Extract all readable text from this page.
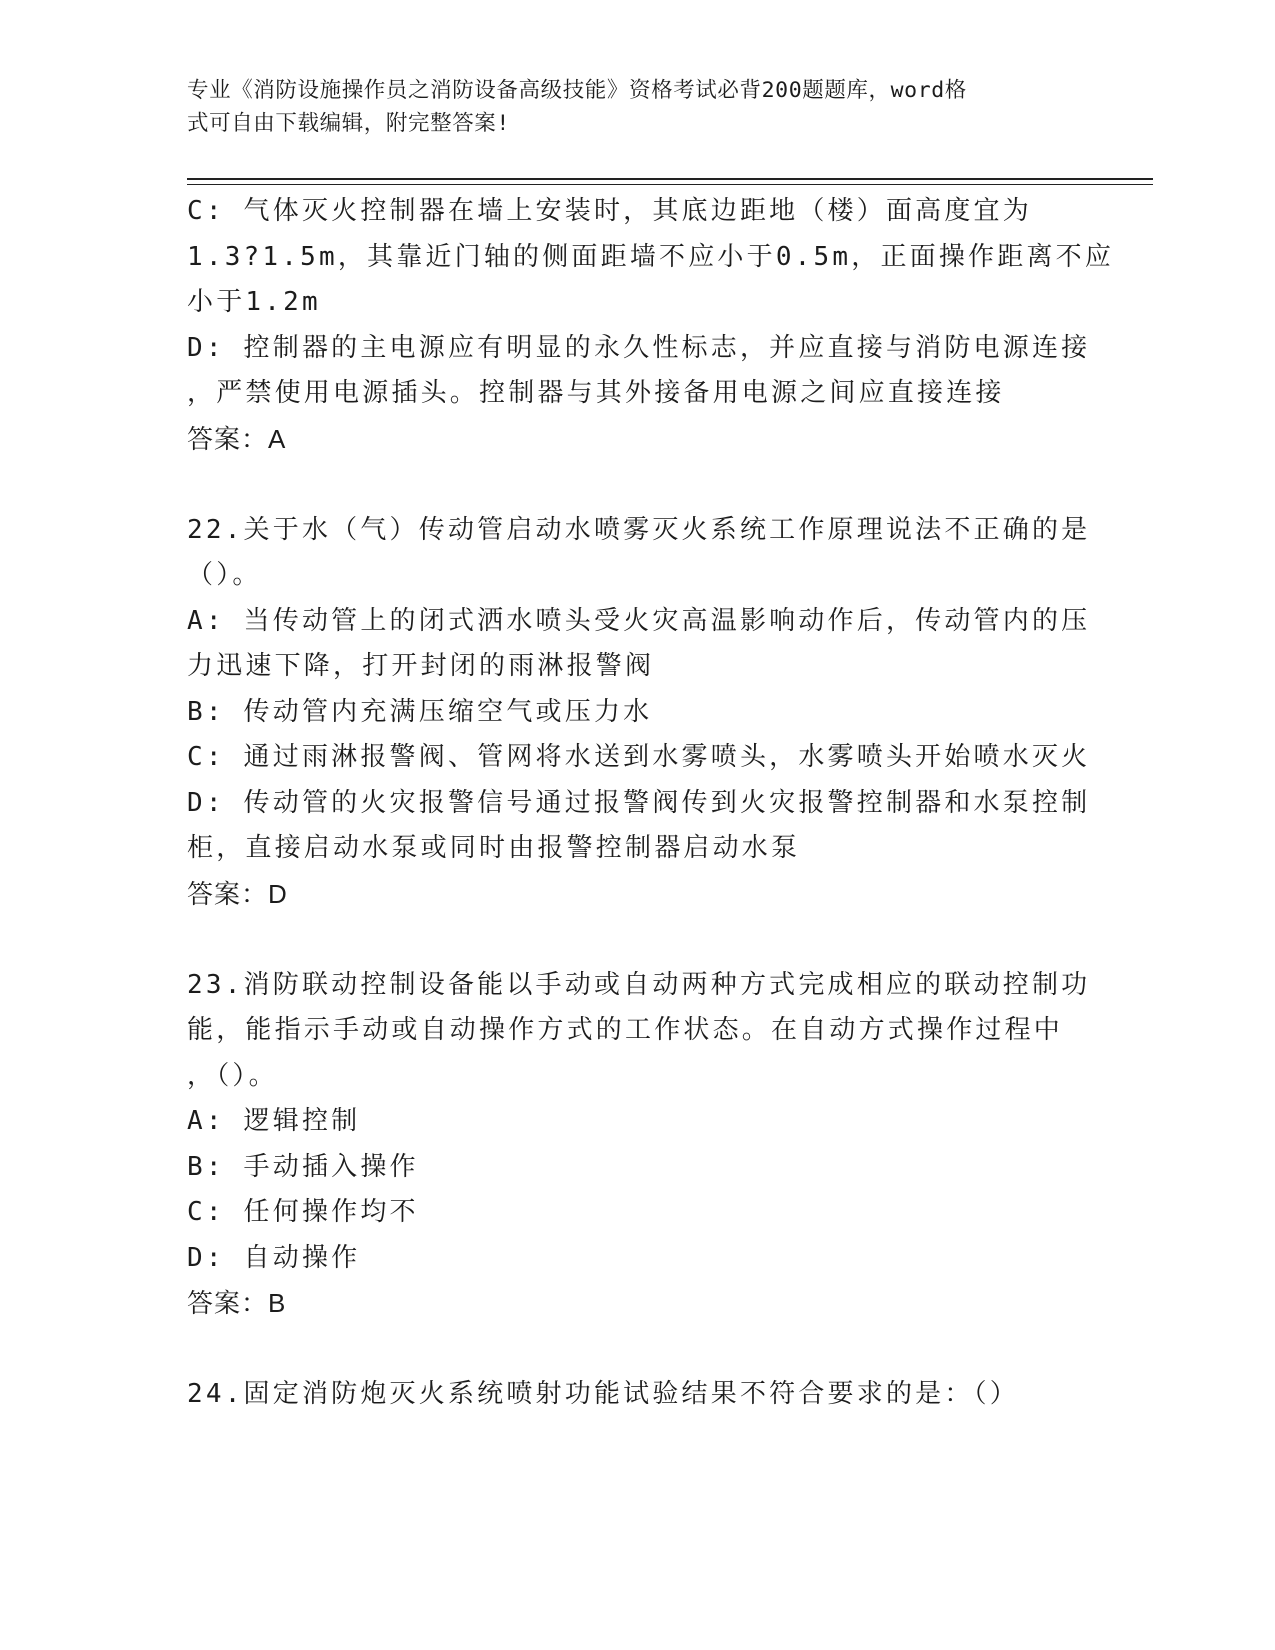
专业《消防设施操作员之消防设备高级技能》资格考试必背200题题库，word格
式可自由下载编辑，附完整答案!
C: 气体灭火控制器在墙上安装时，其底边距地（楼）面高度宜为
1.3?1.5m，其靠近门轴的侧面距墙不应小于0.5m，正面操作距离不应
小于1.2m
D: 控制器的主电源应有明显的永久性标志，并应直接与消防电源连接
，严禁使用电源插头。控制器与其外接备用电源之间应直接连接
答案：A
22.关于水（气）传动管启动水喷雾灭火系统工作原理说法不正确的是
（）。
A: 当传动管上的闭式洒水喷头受火灾高温影响动作后，传动管内的压
力迅速下降，打开封闭的雨淋报警阀
B: 传动管内充满压缩空气或压力水
C: 通过雨淋报警阀、管网将水送到水雾喷头，水雾喷头开始喷水灭火
D: 传动管的火灾报警信号通过报警阀传到火灾报警控制器和水泵控制
柜，直接启动水泵或同时由报警控制器启动水泵
答案：D
23.消防联动控制设备能以手动或自动两种方式完成相应的联动控制功
能，能指示手动或自动操作方式的工作状态。在自动方式操作过程中
，（）。
A: 逻辑控制
B: 手动插入操作
C: 任何操作均不
D: 自动操作
答案：B
24.固定消防炮灭火系统喷射功能试验结果不符合要求的是：（）
